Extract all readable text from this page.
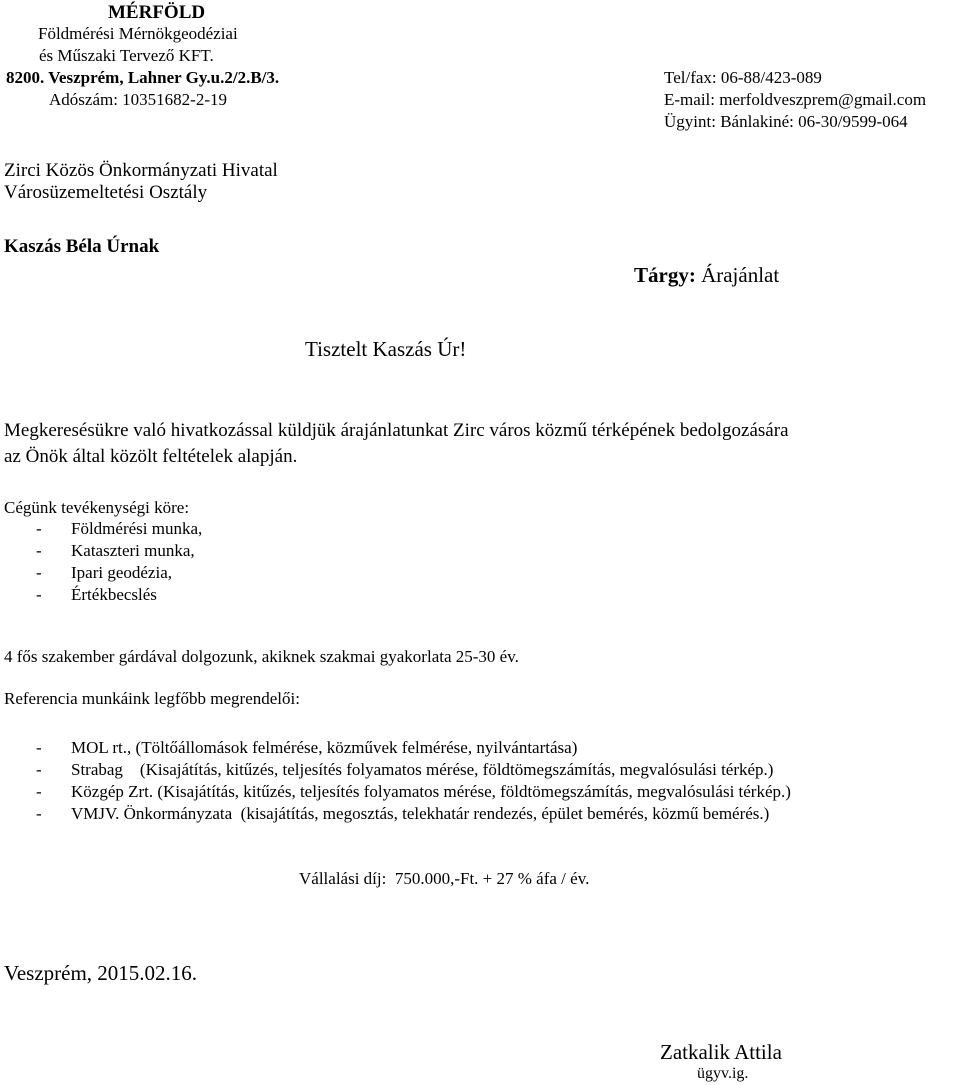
MÉRFÖLD
Földmérési Mérnökgeodéziai
és Műszaki Tervező KFT.
8200. Veszprém, Lahner Gy.u.2/2.B/3.
Adószám: 10351682-2-19
Tel/fax: 06-88/423-089
E-mail: merfoldveszprem@gmail.com
Ügyint: Bánlakiné: 06-30/9599-064
Zirci Közös Önkormányzati Hivatal
Városüzemeltetési Osztály
Kaszás Béla Úrnak
Tárgy: Árajánlat
Tisztelt Kaszás Úr!
Megkeresésükre való hivatkozással küldjük árajánlatunkat Zirc város közmű térképének bedolgozására
az Önök által közölt feltételek alapján.
Cégünk tevékenységi köre:
- Földmérési munka,
- Kataszteri munka,
- Ipari geodézia,
- Értékbecslés
4 fős szakember gárdával dolgozunk, akiknek szakmai gyakorlata 25-30 év.
Referencia munkáink legfőbb megrendelői:
- MOL rt., (Töltőállomások felmérése, közművek felmérése, nyilvántartása)
- Strabag    (Kisajátítás, kitűzés, teljesítés folyamatos mérése, földtömegszámítás, megvalósulási térkép.)
- Közgép Zrt. (Kisajátítás, kitűzés, teljesítés folyamatos mérése, földtömegszámítás, megvalósulási térkép.)
- VMJV. Önkormányzata  (kisajátítás, megosztás, telekhatár rendezés, épület bemérés, közmű bemérés.)
Vállalási díj:  750.000,-Ft. + 27 % áfa / év.
Veszprém, 2015.02.16.
Zatkalik Attila
ügyv.ig.
